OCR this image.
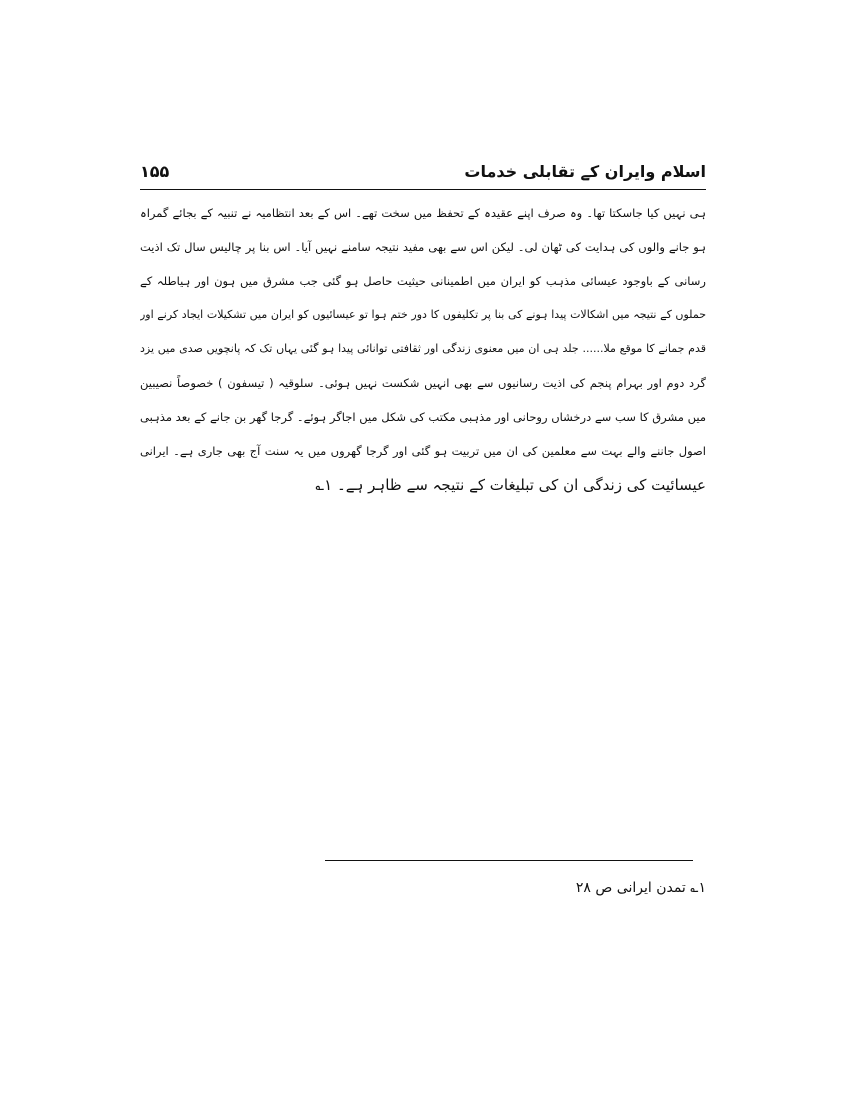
اسلام وایران کے تقابلی خدمات
۱۵۵
ہی نہیں کیا جاسکتا تھا۔ وہ صرف اپنے عقیدہ کے تحفظ میں سخت تھے۔ اس کے بعد انتظامیہ نے تنبیہ کے بجائے گمراہ
ہو جانے والوں کی ہدایت کی ٹھان لی۔ لیکن اس سے بھی مفید نتیجہ سامنے نہیں آیا۔ اس بنا پر چالیس سال تک اذیت
رسانی کے باوجود عیسائی مذہب کو ایران میں اطمینانی حیثیت حاصل ہو گئی جب مشرق میں ہون اور ہیاطلہ کے
حملوں کے نتیجہ میں اشکالات پیدا ہونے کی بنا پر تکلیفوں کا دور ختم ہوا تو عیسائیوں کو ایران میں تشکیلات ایجاد کرنے اور
قدم جمانے کا موقع ملا...... جلد ہی ان میں معنوی زندگی اور ثقافتی توانائی پیدا ہو گئی یہاں تک کہ پانچویں صدی میں یزد
گرد دوم اور بہرام پنجم کی اذیت رسانیوں سے بھی انہیں شکست نہیں ہوئی۔ سلوقیہ ( تیسفون ) خصوصاً نصیبین
میں مشرق کا سب سے درخشاں روحانی اور مذہبی مکتب کی شکل میں اجاگر ہوئے۔ گرجا گھر بن جانے کے بعد مذہبی
اصول جاننے والے بہت سے معلمین کی ان میں تربیت ہو گئی اور گرجا گھروں میں یہ سنت آج بھی جاری ہے۔ ایرانی
عیسائیت کی زندگی ان کی تبلیغات کے نتیجہ سے ظاہر ہے۔ ۱؎
۱؎ تمدن ایرانی ص ۲۸
